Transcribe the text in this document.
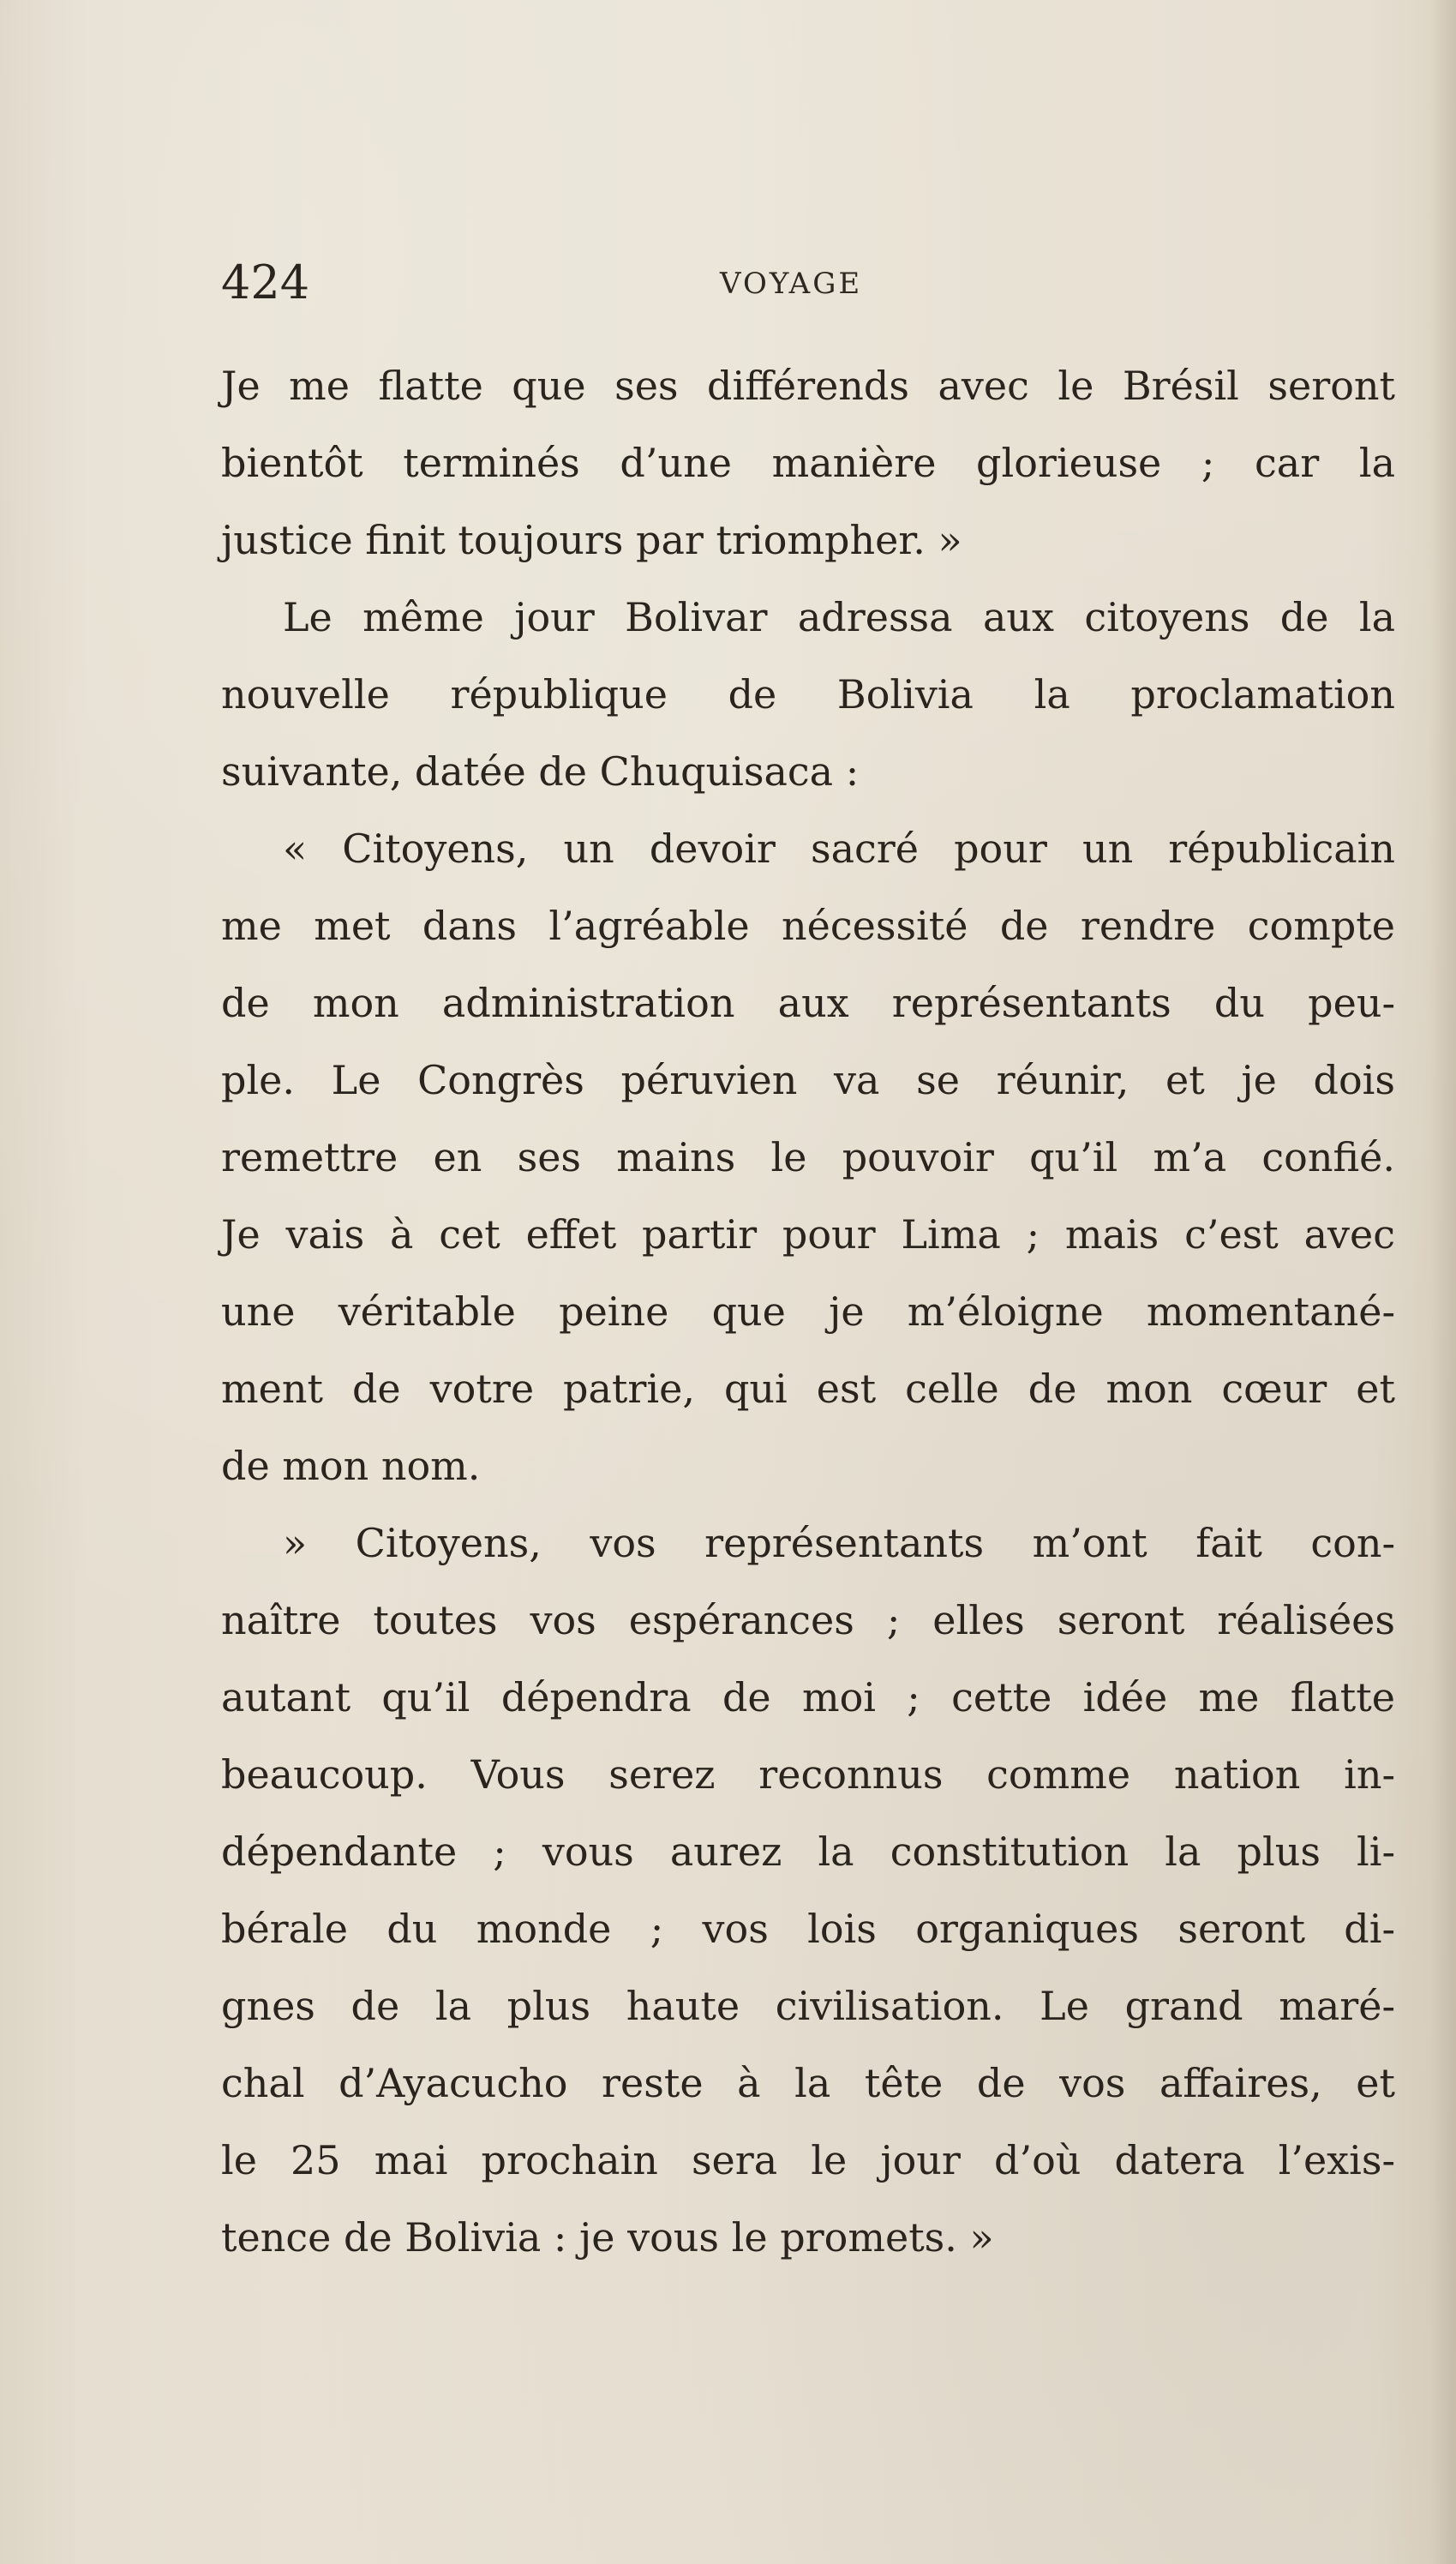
424	VOYAGE
Je me flatte que ses différends avec le Brésil seront
bientôt terminés d’une manière glorieuse ; car la
justice finit toujours par triompher. »
Le même jour Bolivar adressa aux citoyens de la
nouvelle république de Bolivia la proclamation
suivante, datée de Chuquisaca :
« Citoyens, un devoir sacré pour un républicain
me met dans l’agréable nécessité de rendre compte
de mon administration aux représentants du peu-
ple. Le Congrès péruvien va se réunir, et je dois
remettre en ses mains le pouvoir qu’il m’a confié.
Je vais à cet effet partir pour Lima ; mais c’est avec
une véritable peine que je m’éloigne momentané-
ment de votre patrie, qui est celle de mon cœur et
de mon nom.
» Citoyens, vos représentants m’ont fait con-
naître toutes vos espérances ; elles seront réalisées
autant qu’il dépendra de moi ; cette idée me flatte
beaucoup. Vous serez reconnus comme nation in-
dépendante ; vous aurez la constitution la plus li-
bérale du monde ; vos lois organiques seront di-
gnes de la plus haute civilisation. Le grand maré-
chal d’Ayacucho reste à la tête de vos affaires, et
le 25 mai prochain sera le jour d’où datera l’exis-
tence de Bolivia : je vous le promets. »
